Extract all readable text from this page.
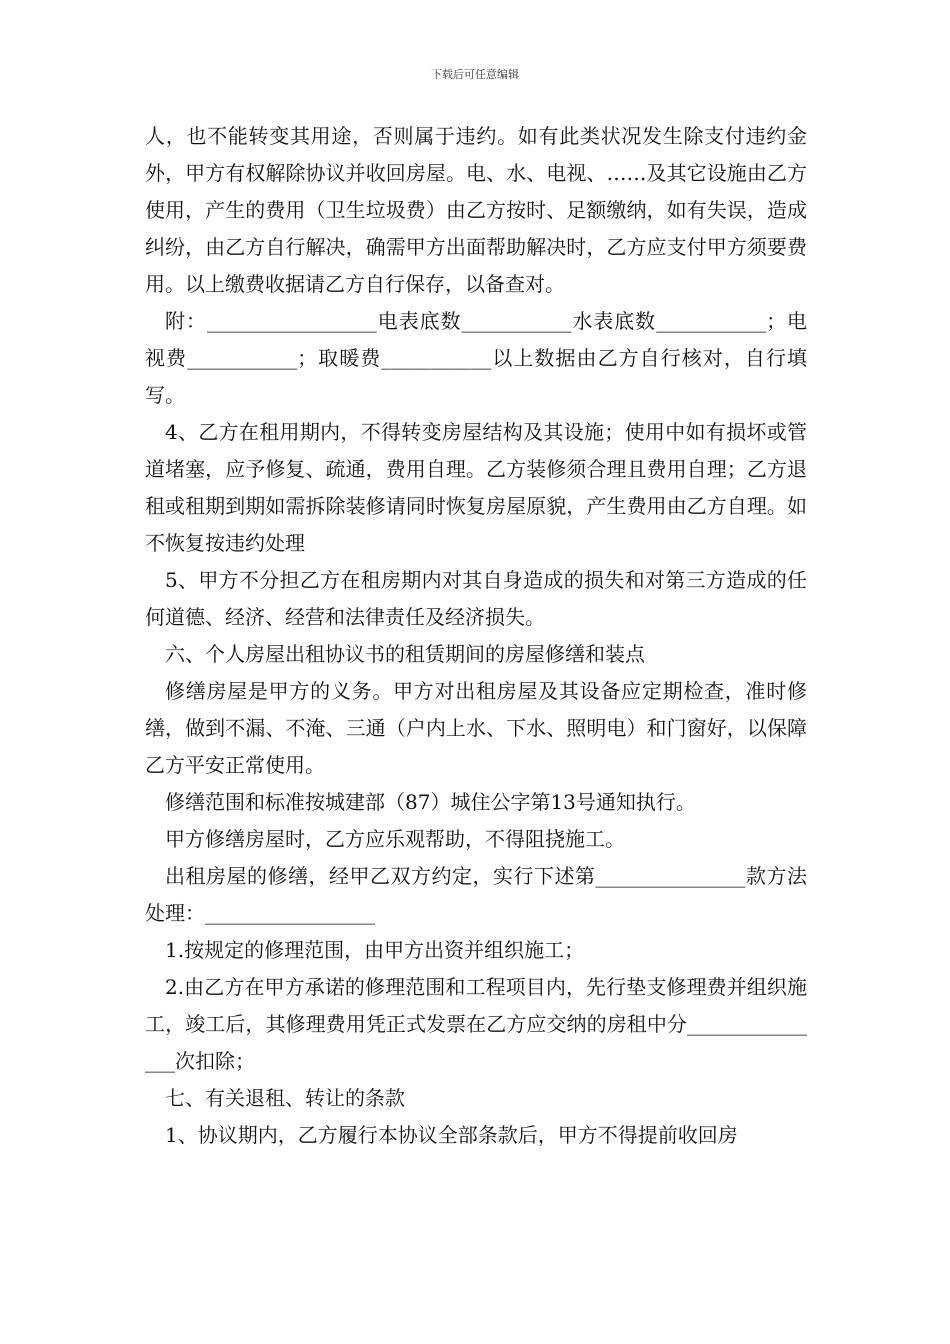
下载后可任意编辑

人，也不能转变其用途，否则属于违约。如有此类状况发生除支付违约金外，甲方有权解除协议并收回房屋。电、水、电视、……及其它设施由乙方使用，产生的费用（卫生垃圾费）由乙方按时、足额缴纳，如有失误，造成纠纷，由乙方自行解决，确需甲方出面帮助解决时，乙方应支付甲方须要费用。以上缴费收据请乙方自行保存，以备查对。

附：_________________电表底数___________水表底数___________；电视费___________；取暖费___________以上数据由乙方自行核对，自行填写。

4、乙方在租用期内，不得转变房屋结构及其设施；使用中如有损坏或管道堵塞，应予修复、疏通，费用自理。乙方装修须合理且费用自理；乙方退租或租期到期如需拆除装修请同时恢复房屋原貌，产生费用由乙方自理。如不恢复按违约处理

5、甲方不分担乙方在租房期内对其自身造成的损失和对第三方造成的任何道德、经济、经营和法律责任及经济损失。

六、个人房屋出租协议书的租赁期间的房屋修缮和装点

修缮房屋是甲方的义务。甲方对出租房屋及其设备应定期检查，准时修缮，做到不漏、不淹、三通（户内上水、下水、照明电）和门窗好，以保障乙方平安正常使用。

修缮范围和标准按城建部（87）城住公字第13号通知执行。

甲方修缮房屋时，乙方应乐观帮助，不得阻挠施工。

出租房屋的修缮，经甲乙双方约定，实行下述第_______________款方法处理：_________________

1.按规定的修理范围，由甲方出资并组织施工；

2.由乙方在甲方承诺的修理范围和工程项目内，先行垫支修理费并组织施工，竣工后，其修理费用凭正式发票在乙方应交纳的房租中分_______________次扣除；

七、有关退租、转让的条款

1、协议期内，乙方履行本协议全部条款后，甲方不得提前收回房
